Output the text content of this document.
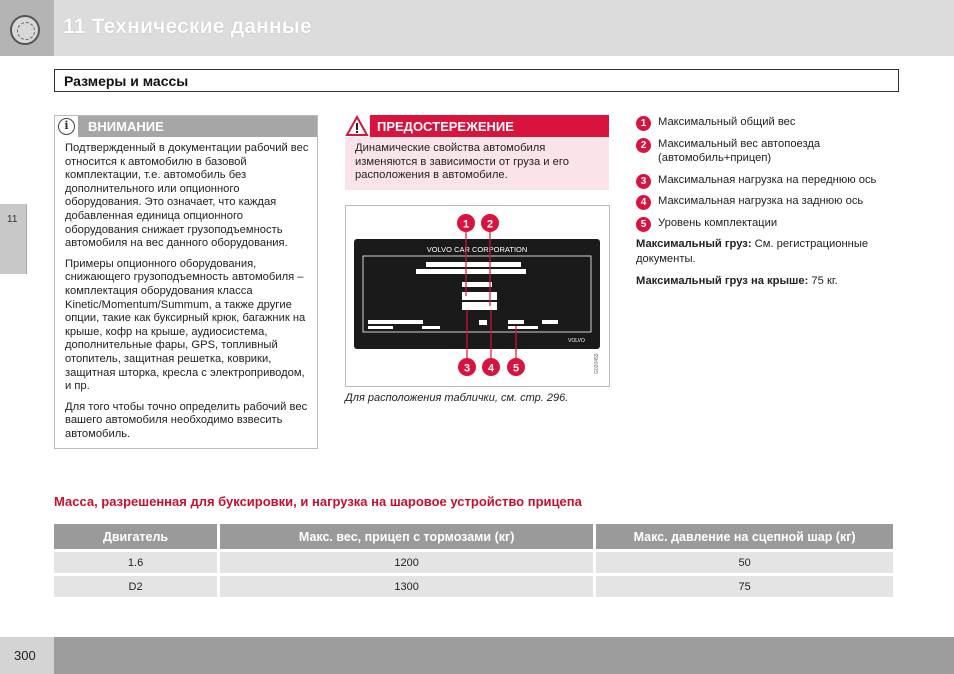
11 Технические данные
Размеры и массы
11
i	ВНИМАНИЕ

Подтвержденный в документации рабочий вес относится к автомобилю в базовой комплектации, т.е. автомобиль без дополнительного или опционного оборудования. Это означает, что каждая добавленная единица опционного оборудования снижает грузоподъемность автомобиля на вес данного оборудования.

Примеры опционного оборудования, снижающего грузоподъемность автомобиля – комплектация оборудования класса Kinetic/Momentum/Summum, а также другие опции, такие как буксирный крюк, багажник на крыше, кофр на крыше, аудиосистема, дополнительные фары, GPS, топливный отопитель, защитная решетка, коврики, защитная шторка, кресла с электроприводом, и пр.

Для того чтобы точно определить рабочий вес вашего автомобиля необходимо взвесить автомобиль.

ПРЕДОСТЕРЕЖЕНИЕ
Динамические свойства автомобиля изменяются в зависимости от груза и его расположения в автомобиле.
VOLVO CAR CORPORATION
VOLVO
1 2
3 4 5	G020459
Для расположения таблички, см. стр. 296.
1	Максимальный общий вес
2	Максимальный вес автопоезда (автомобиль+прицеп)
3	Максимальная нагрузка на переднюю ось
4	Максимальная нагрузка на заднюю ось
5	Уровень комплектации
Максимальный груз: См. регистрационные документы.
Максимальный груз на крыше: 75 кг.
Масса, разрешенная для буксировки, и нагрузка на шаровое устройство прицепа
Двигатель	Макс. вес, прицеп с тормозами (кг)	Макс. давление на сцепной шар (кг)
1.6	1200	50
D2	1300	75
300
